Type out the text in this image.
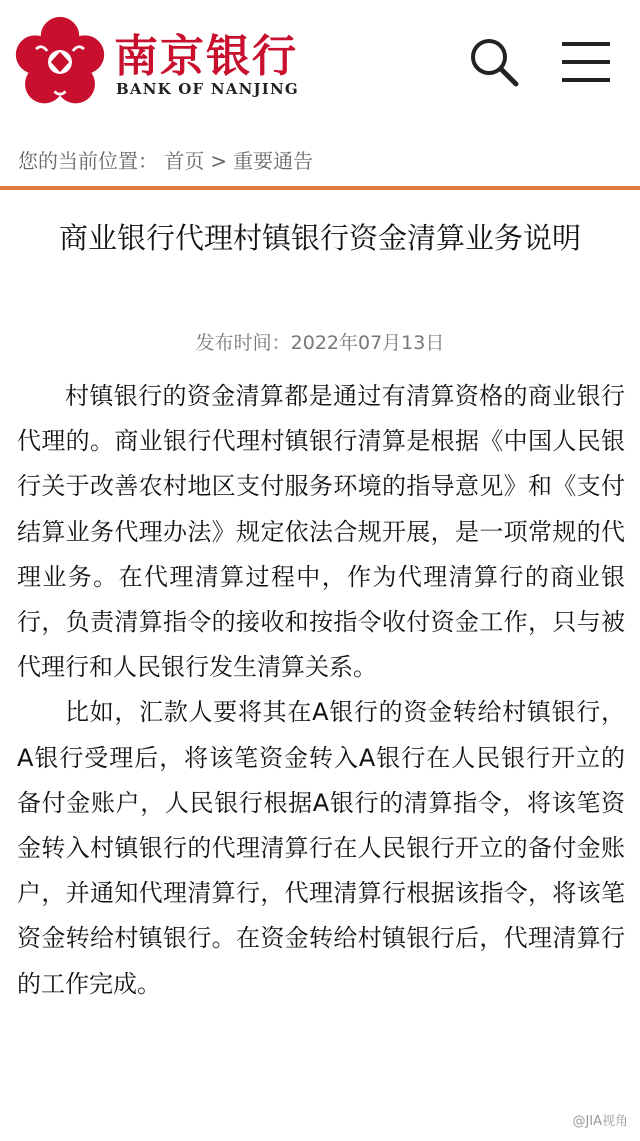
南京银行
BANK OF NANJING
您的当前位置： 首页 > 重要通告
商业银行代理村镇银行资金清算业务说明
发布时间：2022年07月13日

村镇银行的资金清算都是通过有清算资格的商业银行代理的。商业银行代理村镇银行清算是根据《中国人民银行关于改善农村地区支付服务环境的指导意见》和《支付结算业务代理办法》规定依法合规开展，是一项常规的代理业务。在代理清算过程中，作为代理清算行的商业银行，负责清算指令的接收和按指令收付资金工作，只与被代理行和人民银行发生清算关系。

比如，汇款人要将其在A银行的资金转给村镇银行，A银行受理后，将该笔资金转入A银行在人民银行开立的备付金账户，人民银行根据A银行的清算指令，将该笔资金转入村镇银行的代理清算行在人民银行开立的备付金账户，并通知代理清算行，代理清算行根据该指令，将该笔资金转给村镇银行。在资金转给村镇银行后，代理清算行的工作完成。

@JIA视角
